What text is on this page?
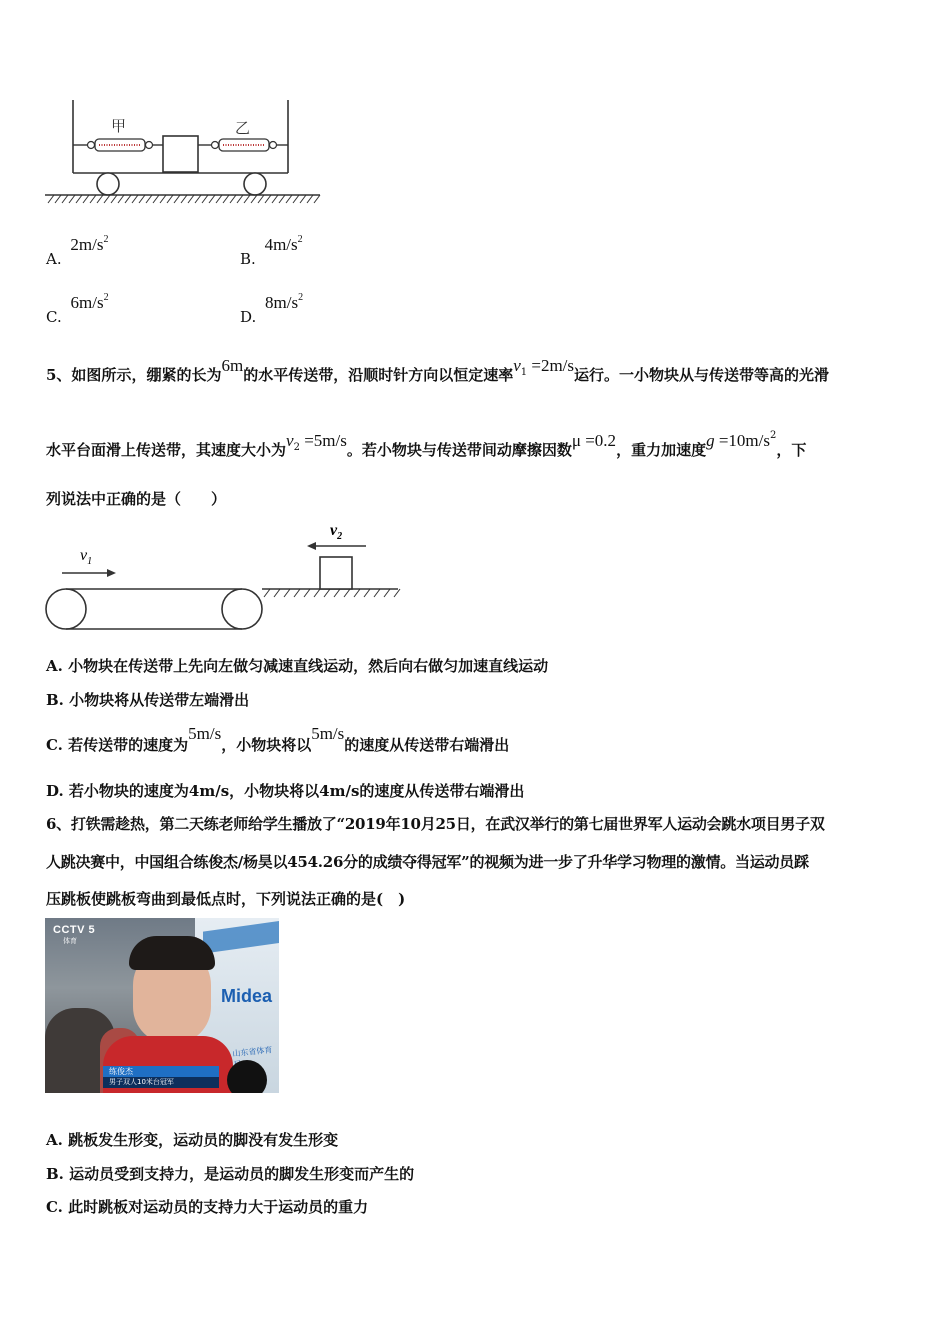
甲	乙
A. $2m/s^2$
B. $4m/s^2$
C. $6m/s^2$
D. $8m/s^2$
5、如图所示，绷紧的长为6m的水平传送带，沿顺时针方向以恒定速率$v^1 =2m/s$运行。一小物块从与传送带等高的光滑
水平台面滑上传送带，其速度大小为$v^2 =5m/s$。若小物块与传送带间动摩擦因数μ =0.2，重力加速度$g =10m/s^2$，下
列说法中正确的是（　　）
$v_1$
$v_2$
A. 小物块在传送带上先向左做匀减速直线运动，然后向右做匀加速直线运动
B. 小物块将从传送带左端滑出
C. 若传送带的速度为5m/s，小物块将以5m/s的速度从传送带右端滑出
D. 若小物块的速度为4m/s，小物块将以4m/s的速度从传送带右端滑出
6、打铁需趁热，第二天练老师给学生播放了“2019年10月25日，在武汉举行的第七届世界军人运动会跳水项目男子双
人跳决赛中，中国组合练俊杰/杨昊以454.26分的成绩夺得冠军”的视频为进一步了升华学习物理的激情。当运动员踩
压跳板使跳板弯曲到最低点时，下列说法正确的是(　)
Midea
山东省体育局
CCTV 5
体育
练俊杰
男子双人10米台冠军
A. 跳板发生形变，运动员的脚没有发生形变
B. 运动员受到支持力，是运动员的脚发生形变而产生的
C. 此时跳板对运动员的支持力大于运动员的重力
